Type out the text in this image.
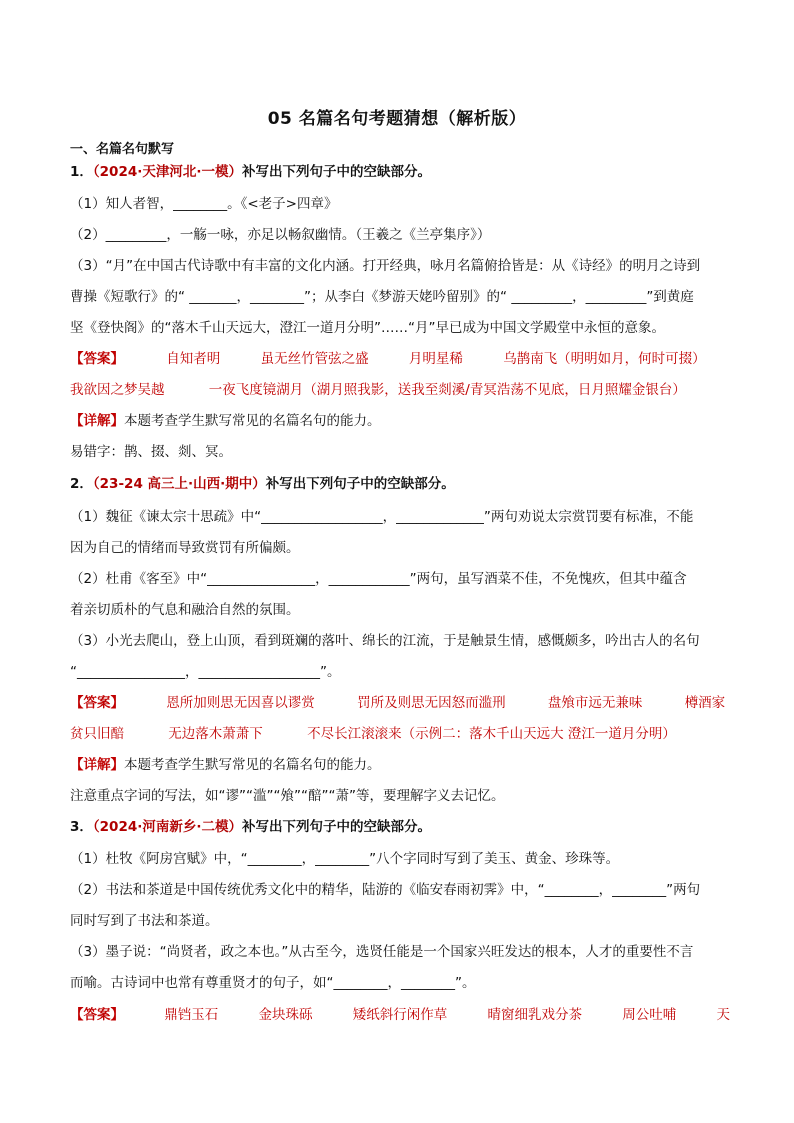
05 名篇名句考题猜想（解析版）
一、名篇名句默写
1．（2024·天津河北·一模）补写出下列句子中的空缺部分。
（1）知人者智，________。《<老子>四章》
（2）_________，一觞一咏，亦足以畅叙幽情。（王羲之《兰亭集序》）
（3）“月”在中国古代诗歌中有丰富的文化内涵。打开经典，咏月名篇俯拾皆是：从《诗经》的明月之诗到
曹操《短歌行》的“ _______，________”；从李白《梦游天姥吟留别》的“ _________，_________”到黄庭
坚《登快阁》的“落木千山天远大，澄江一道月分明”……“月”早已成为中国文学殿堂中永恒的意象。
【答案】	自知者明	虽无丝竹管弦之盛	月明星稀	乌鹊南飞（明明如月，何时可掇）
我欲因之梦吴越	一夜飞度镜湖月（湖月照我影，送我至剡溪/青冥浩荡不见底，日月照耀金银台）
【详解】本题考查学生默写常见的名篇名句的能力。
易错字：鹊、掇、剡、冥。
2．（23-24 高三上·山西·期中）补写出下列句子中的空缺部分。
（1）魏征《谏太宗十思疏》中“__________________，_____________”两句劝说太宗赏罚要有标准，不能
因为自己的情绪而导致赏罚有所偏颇。
（2）杜甫《客至》中“________________，____________”两句，虽写酒菜不佳，不免愧疚，但其中蕴含
着亲切质朴的气息和融洽自然的氛围。
（3）小光去爬山，登上山顶，看到斑斓的落叶、绵长的江流，于是触景生情，感慨颇多，吟出古人的名句
“________________，__________________”。
【答案】	恩所加则思无因喜以谬赏	罚所及则思无因怒而滥刑	盘飧市远无兼味	樽酒家
贫只旧醅	无边落木萧萧下	不尽长江滚滚来（示例二：落木千山天远大 澄江一道月分明）
【详解】本题考查学生默写常见的名篇名句的能力。
注意重点字词的写法，如“谬”“滥”“飧”“醅”“萧”等，要理解字义去记忆。
3．（2024·河南新乡·二模）补写出下列句子中的空缺部分。
（1）杜牧《阿房宫赋》中，“________，________”八个字同时写到了美玉、黄金、珍珠等。
（2）书法和茶道是中国传统优秀文化中的精华，陆游的《临安春雨初霁》中，“________，________”两句
同时写到了书法和茶道。
（3）墨子说：“尚贤者，政之本也。”从古至今，选贤任能是一个国家兴旺发达的根本，人才的重要性不言
而喻。古诗词中也常有尊重贤才的句子，如“________，________”。
【答案】	鼎铛玉石	金块珠砾	矮纸斜行闲作草	晴窗细乳戏分茶	周公吐哺	天
